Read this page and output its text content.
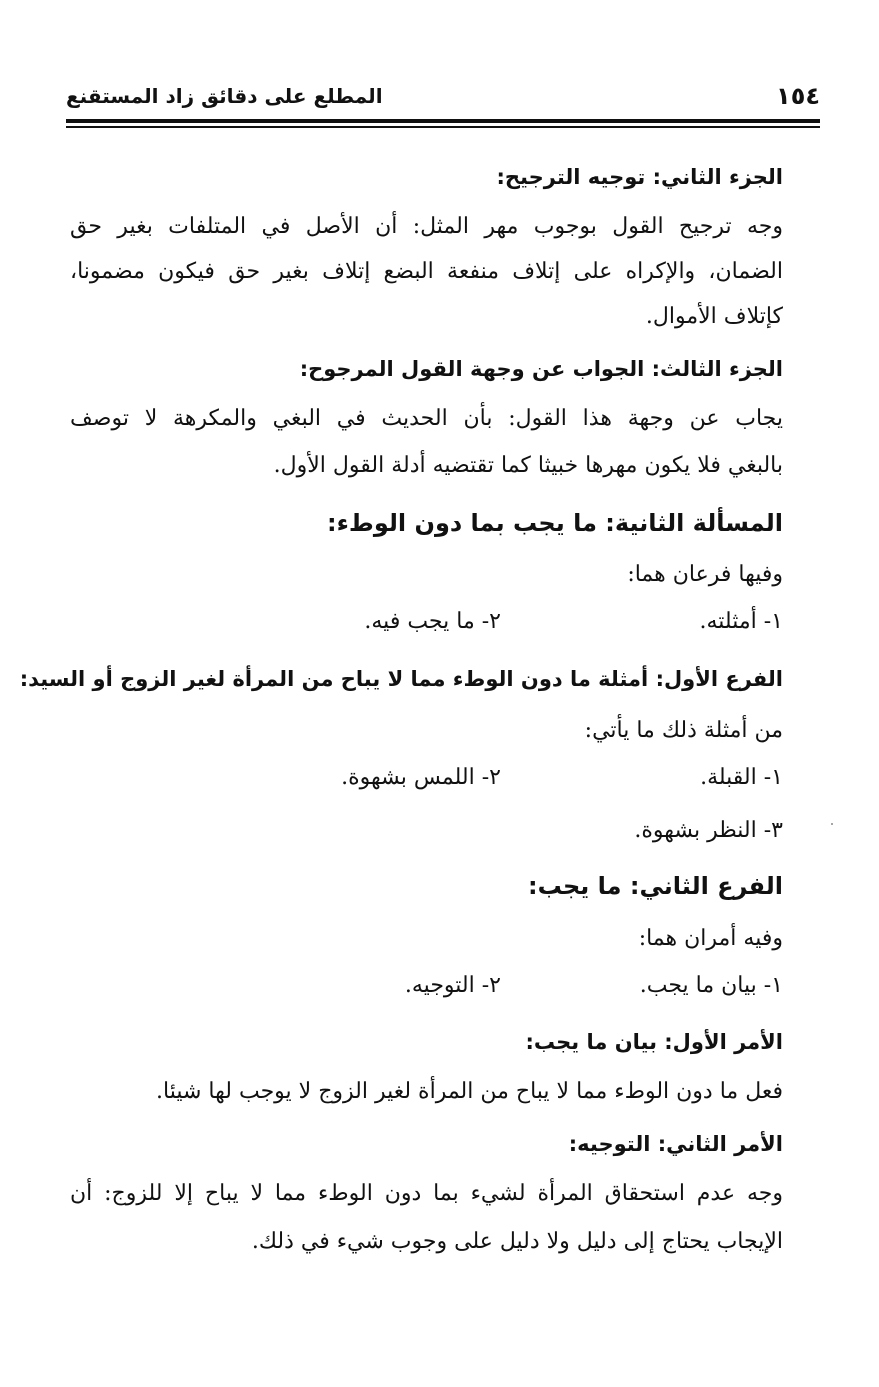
١٥٤
المطلع على دقائق زاد المستقنع
الجزء الثاني: توجيه الترجيح:
وجه ترجيح القول بوجوب مهر المثل: أن الأصل في المتلفات بغير حق
الضمان، والإكراه على إتلاف منفعة البضع إتلاف بغير حق فيكون مضمونا،
كإتلاف الأموال.
الجزء الثالث: الجواب عن وجهة القول المرجوح:
يجاب عن وجهة هذا القول: بأن الحديث في البغي والمكرهة لا توصف
بالبغي فلا يكون مهرها خبيثا كما تقتضيه أدلة القول الأول.
المسألة الثانية: ما يجب بما دون الوطء:
وفيها فرعان هما:
١- أمثلته.
٢- ما يجب فيه.
الفرع الأول: أمثلة ما دون الوطء مما لا يباح من المرأة لغير الزوج أو السيد:
من أمثلة ذلك ما يأتي:
١- القبلة.
٢- اللمس بشهوة.
٣- النظر بشهوة.
الفرع الثاني: ما يجب:
وفيه أمران هما:
١- بيان ما يجب.
٢- التوجيه.
الأمر الأول: بيان ما يجب:
فعل ما دون الوطء مما لا يباح من المرأة لغير الزوج لا يوجب لها شيئا.
الأمر الثاني: التوجيه:
وجه عدم استحقاق المرأة لشيء بما دون الوطء مما لا يباح إلا للزوج: أن
الإيجاب يحتاج إلى دليل ولا دليل على وجوب شيء في ذلك.
